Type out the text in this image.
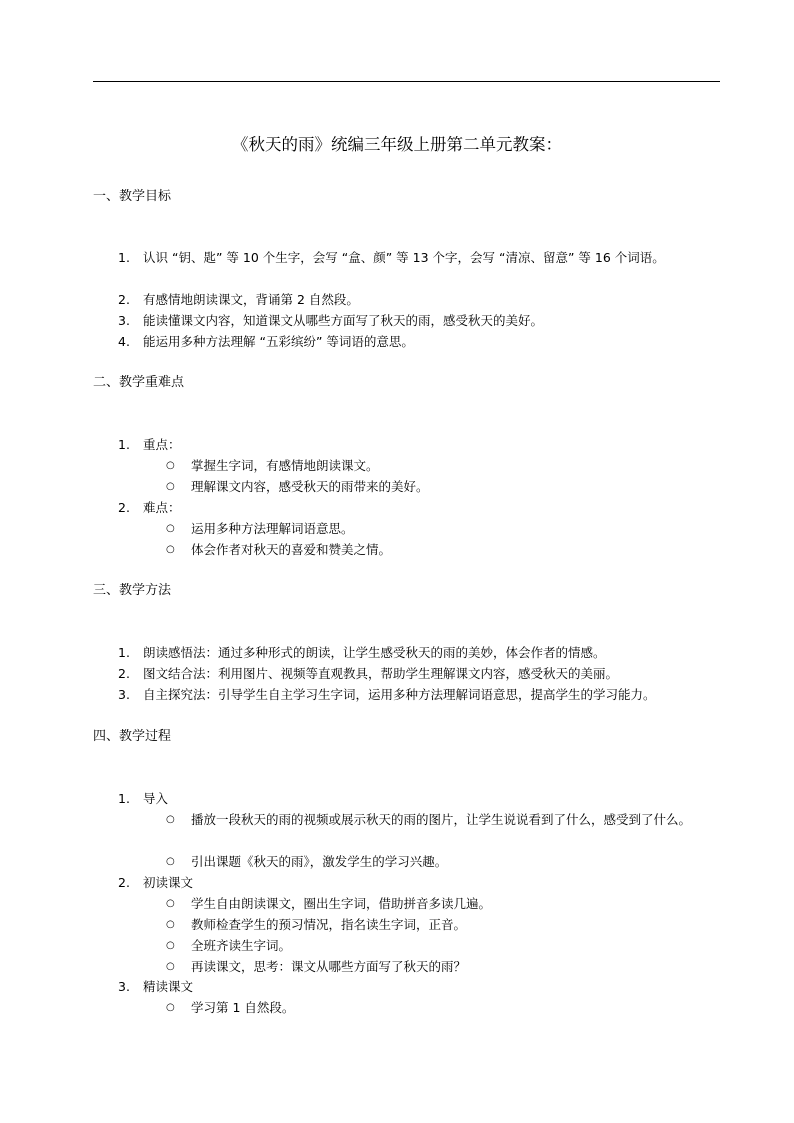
《秋天的雨》统编三年级上册第二单元教案：
一、教学目标
1. 认识 “钥、匙” 等 10 个生字，会写 “盒、颜” 等 13 个字，会写 “清凉、留意” 等 16 个词语。
2. 有感情地朗读课文，背诵第 2 自然段。
3. 能读懂课文内容，知道课文从哪些方面写了秋天的雨，感受秋天的美好。
4. 能运用多种方法理解 “五彩缤纷” 等词语的意思。
二、教学重难点
1. 重点：
○ 掌握生字词，有感情地朗读课文。
○ 理解课文内容，感受秋天的雨带来的美好。
2. 难点：
○ 运用多种方法理解词语意思。
○ 体会作者对秋天的喜爱和赞美之情。
三、教学方法
1. 朗读感悟法：通过多种形式的朗读，让学生感受秋天的雨的美妙，体会作者的情感。
2. 图文结合法：利用图片、视频等直观教具，帮助学生理解课文内容，感受秋天的美丽。
3. 自主探究法：引导学生自主学习生字词，运用多种方法理解词语意思，提高学生的学习能力。
四、教学过程
1. 导入
○ 播放一段秋天的雨的视频或展示秋天的雨的图片，让学生说说看到了什么，感受到了什么。
○ 引出课题《秋天的雨》，激发学生的学习兴趣。
2. 初读课文
○ 学生自由朗读课文，圈出生字词，借助拼音多读几遍。
○ 教师检查学生的预习情况，指名读生字词，正音。
○ 全班齐读生字词。
○ 再读课文，思考：课文从哪些方面写了秋天的雨？
3. 精读课文
○ 学习第 1 自然段。
